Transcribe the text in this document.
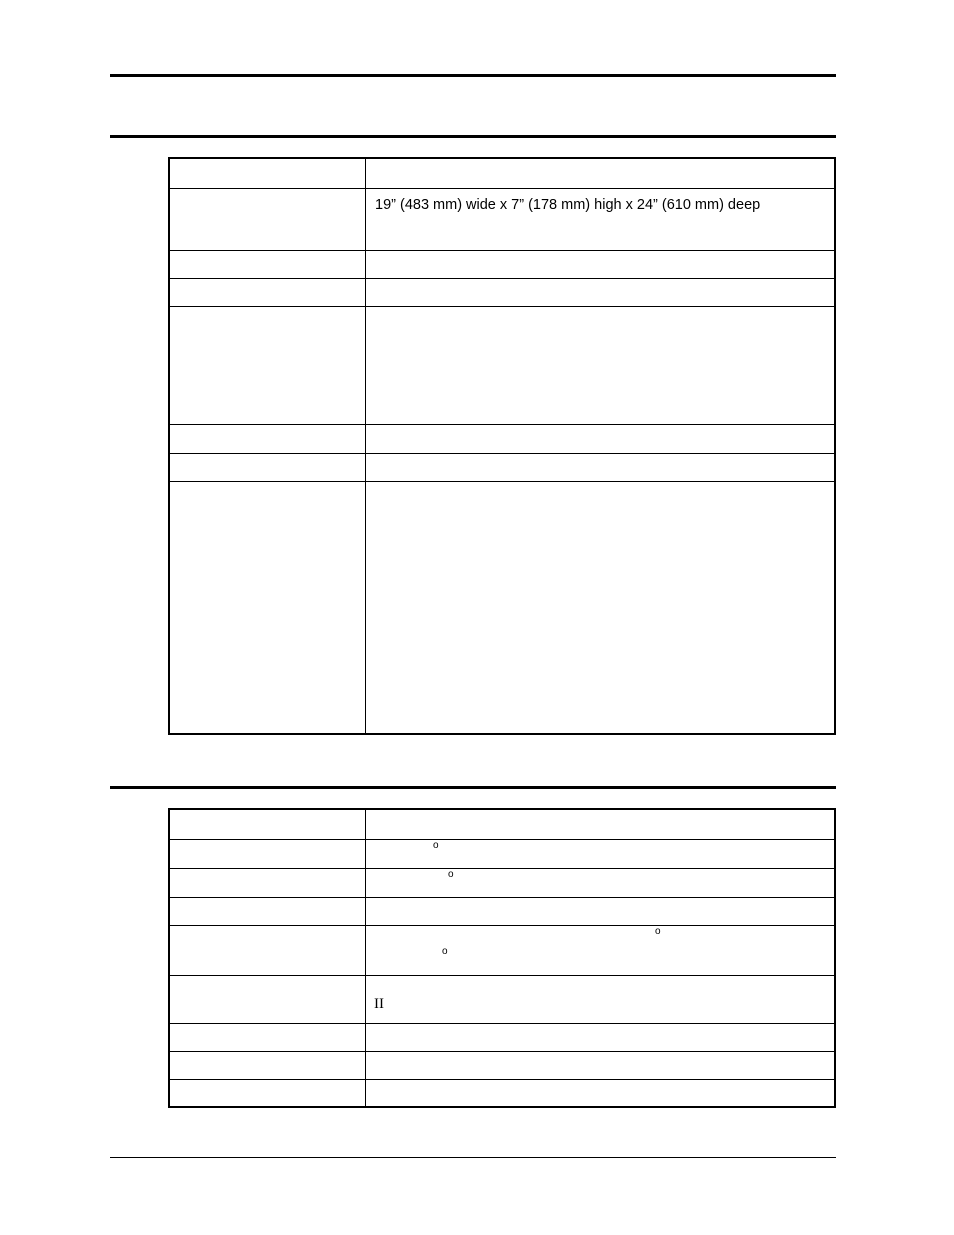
	19” (483 mm) wide x 7” (178 mm) high x 24” (610 mm) deep

	o

	o

	o
o

	II
